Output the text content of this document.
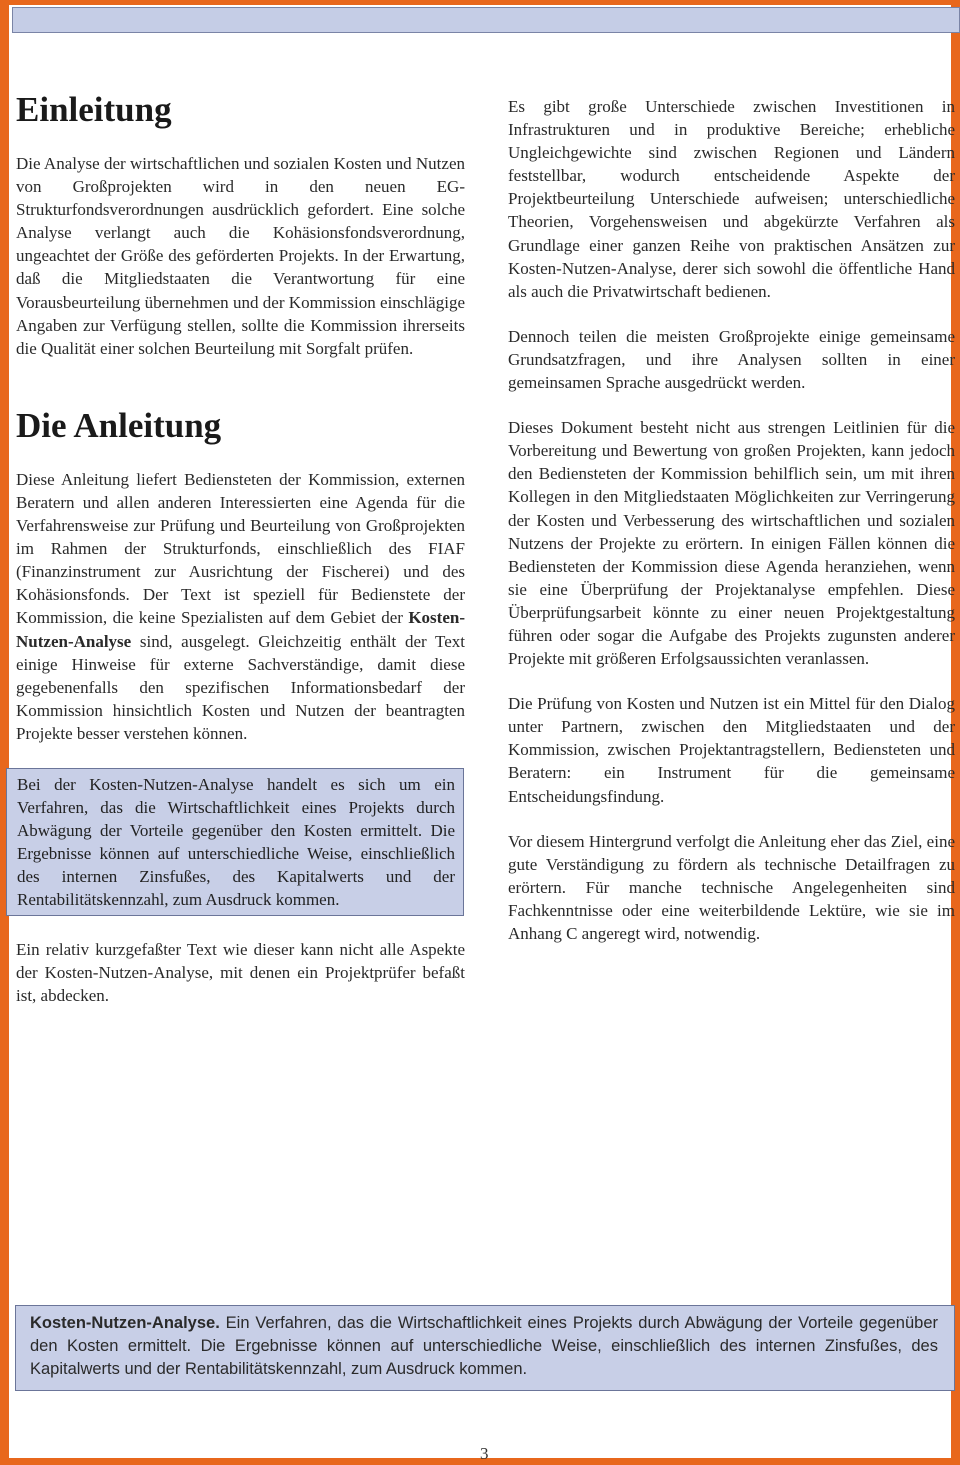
Einleitung

Die Analyse der wirtschaftlichen und sozialen Kosten und Nutzen von Großprojekten wird in den neuen EG-Strukturfondsverordnungen ausdrücklich gefordert. Eine solche Analyse verlangt auch die Kohäsionsfondsverordnung, ungeachtet der Größe des geförderten Projekts. In der Erwartung, daß die Mitgliedstaaten die Verantwortung für eine Vorausbeurteilung übernehmen und der Kommission einschlägige Angaben zur Verfügung stellen, sollte die Kommission ihrerseits die Qualität einer solchen Beurteilung mit Sorgfalt prüfen.

Die Anleitung

Diese Anleitung liefert Bediensteten der Kommission, externen Beratern und allen anderen Interessierten eine Agenda für die Verfahrensweise zur Prüfung und Beurteilung von Großprojekten im Rahmen der Strukturfonds, einschließlich des FIAF (Finanzinstrument zur Ausrichtung der Fischerei) und des Kohäsionsfonds. Der Text ist speziell für Bedienstete der Kommission, die keine Spezialisten auf dem Gebiet der Kosten-Nutzen-Analyse sind, ausgelegt. Gleichzeitig enthält der Text einige Hinweise für externe Sachverständige, damit diese gegebenenfalls den spezifischen Informationsbedarf der Kommission hinsichtlich Kosten und Nutzen der beantragten Projekte besser verstehen können.

Bei der Kosten-Nutzen-Analyse handelt es sich um ein Verfahren, das die Wirtschaftlichkeit eines Projekts durch Abwägung der Vorteile gegenüber den Kosten ermittelt. Die Ergebnisse können auf unterschiedliche Weise, einschließlich des internen Zinsfußes, des Kapitalwerts und der Rentabilitätskennzahl, zum Ausdruck kommen.

Ein relativ kurzgefaßter Text wie dieser kann nicht alle Aspekte der Kosten-Nutzen-Analyse, mit denen ein Projektprüfer befaßt ist, abdecken.

Es gibt große Unterschiede zwischen Investitionen in Infrastrukturen und in produktive Bereiche; erhebliche Ungleichgewichte sind zwischen Regionen und Ländern feststellbar, wodurch entscheidende Aspekte der Projektbeurteilung Unterschiede aufweisen; unterschiedliche Theorien, Vorgehensweisen und abgekürzte Verfahren als Grundlage einer ganzen Reihe von praktischen Ansätzen zur Kosten-Nutzen-Analyse, derer sich sowohl die öffentliche Hand als auch die Privatwirtschaft bedienen.

Dennoch teilen die meisten Großprojekte einige gemeinsame Grundsatzfragen, und ihre Analysen sollten in einer gemeinsamen Sprache ausgedrückt werden.

Dieses Dokument besteht nicht aus strengen Leitlinien für die Vorbereitung und Bewertung von großen Projekten, kann jedoch den Bediensteten der Kommission behilflich sein, um mit ihren Kollegen in den Mitgliedstaaten Möglichkeiten zur Verringerung der Kosten und Verbesserung des wirtschaftlichen und sozialen Nutzens der Projekte zu erörtern. In einigen Fällen können die Bediensteten der Kommission diese Agenda heranziehen, wenn sie eine Überprüfung der Projektanalyse empfehlen. Diese Überprüfungsarbeit könnte zu einer neuen Projektgestaltung führen oder sogar die Aufgabe des Projekts zugunsten anderer Projekte mit größeren Erfolgsaussichten veranlassen.

Die Prüfung von Kosten und Nutzen ist ein Mittel für den Dialog unter Partnern, zwischen den Mitgliedstaaten und der Kommission, zwischen Projektantragstellern, Bediensteten und Beratern: ein Instrument für die gemeinsame Entscheidungsfindung.

Vor diesem Hintergrund verfolgt die Anleitung eher das Ziel, eine gute Verständigung zu fördern als technische Detailfragen zu erörtern. Für manche technische Angelegenheiten sind Fachkenntnisse oder eine weiterbildende Lektüre, wie sie im Anhang C angeregt wird, notwendig.

Kosten-Nutzen-Analyse. Ein Verfahren, das die Wirtschaftlichkeit eines Projekts durch Abwägung der Vorteile gegenüber den Kosten ermittelt. Die Ergebnisse können auf unterschiedliche Weise, einschließlich des internen Zinsfußes, des Kapitalwerts und der Rentabilitätskennzahl, zum Ausdruck kommen.
3
